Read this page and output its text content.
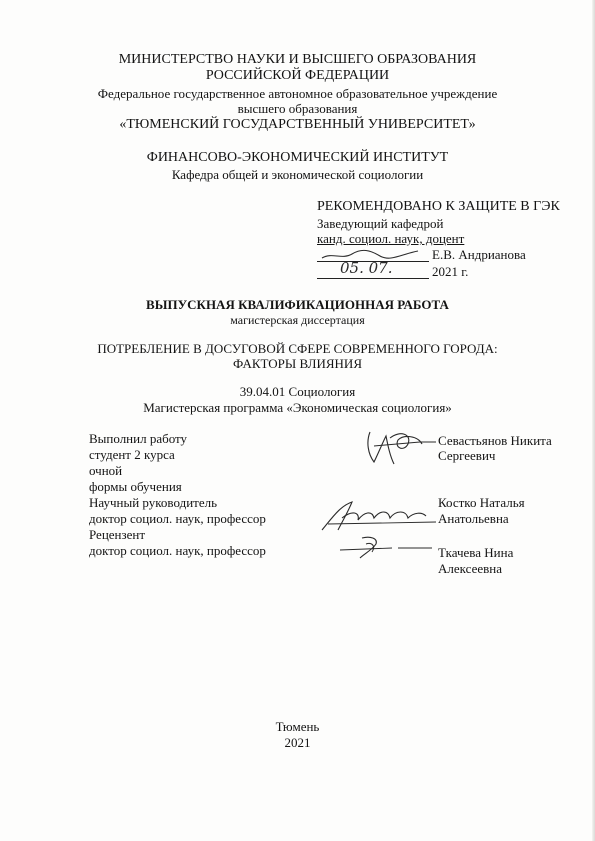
МИНИСТЕРСТВО НАУКИ И ВЫСШЕГО ОБРАЗОВАНИЯ
РОССИЙСКОЙ ФЕДЕРАЦИИ
Федеральное государственное автономное образовательное учреждение
высшего образования
«ТЮМЕНСКИЙ ГОСУДАРСТВЕННЫЙ УНИВЕРСИТЕТ»
ФИНАНСОВО-ЭКОНОМИЧЕСКИЙ ИНСТИТУТ
Кафедра общей и экономической социологии
РЕКОМЕНДОВАНО К ЗАЩИТЕ В ГЭК
Заведующий кафедрой
канд. социол. наук, доцент
Е.В. Андрианова
05. 07.	2021 г.
ВЫПУСКНАЯ КВАЛИФИКАЦИОННАЯ РАБОТА
магистерская диссертация
ПОТРЕБЛЕНИЕ В ДОСУГОВОЙ СФЕРЕ СОВРЕМЕННОГО ГОРОДА:
ФАКТОРЫ ВЛИЯНИЯ
39.04.01 Социология
Магистерская программа «Экономическая социология»
Выполнил работу
студент 2 курса
очной
формы обучения
Научный руководитель
доктор социол. наук, профессор
Рецензент
доктор социол. наук, профессор
Севастьянов Никита
Сергеевич
Костко Наталья
Анатольевна
Ткачева Нина
Алексеевна
Тюмень
2021
